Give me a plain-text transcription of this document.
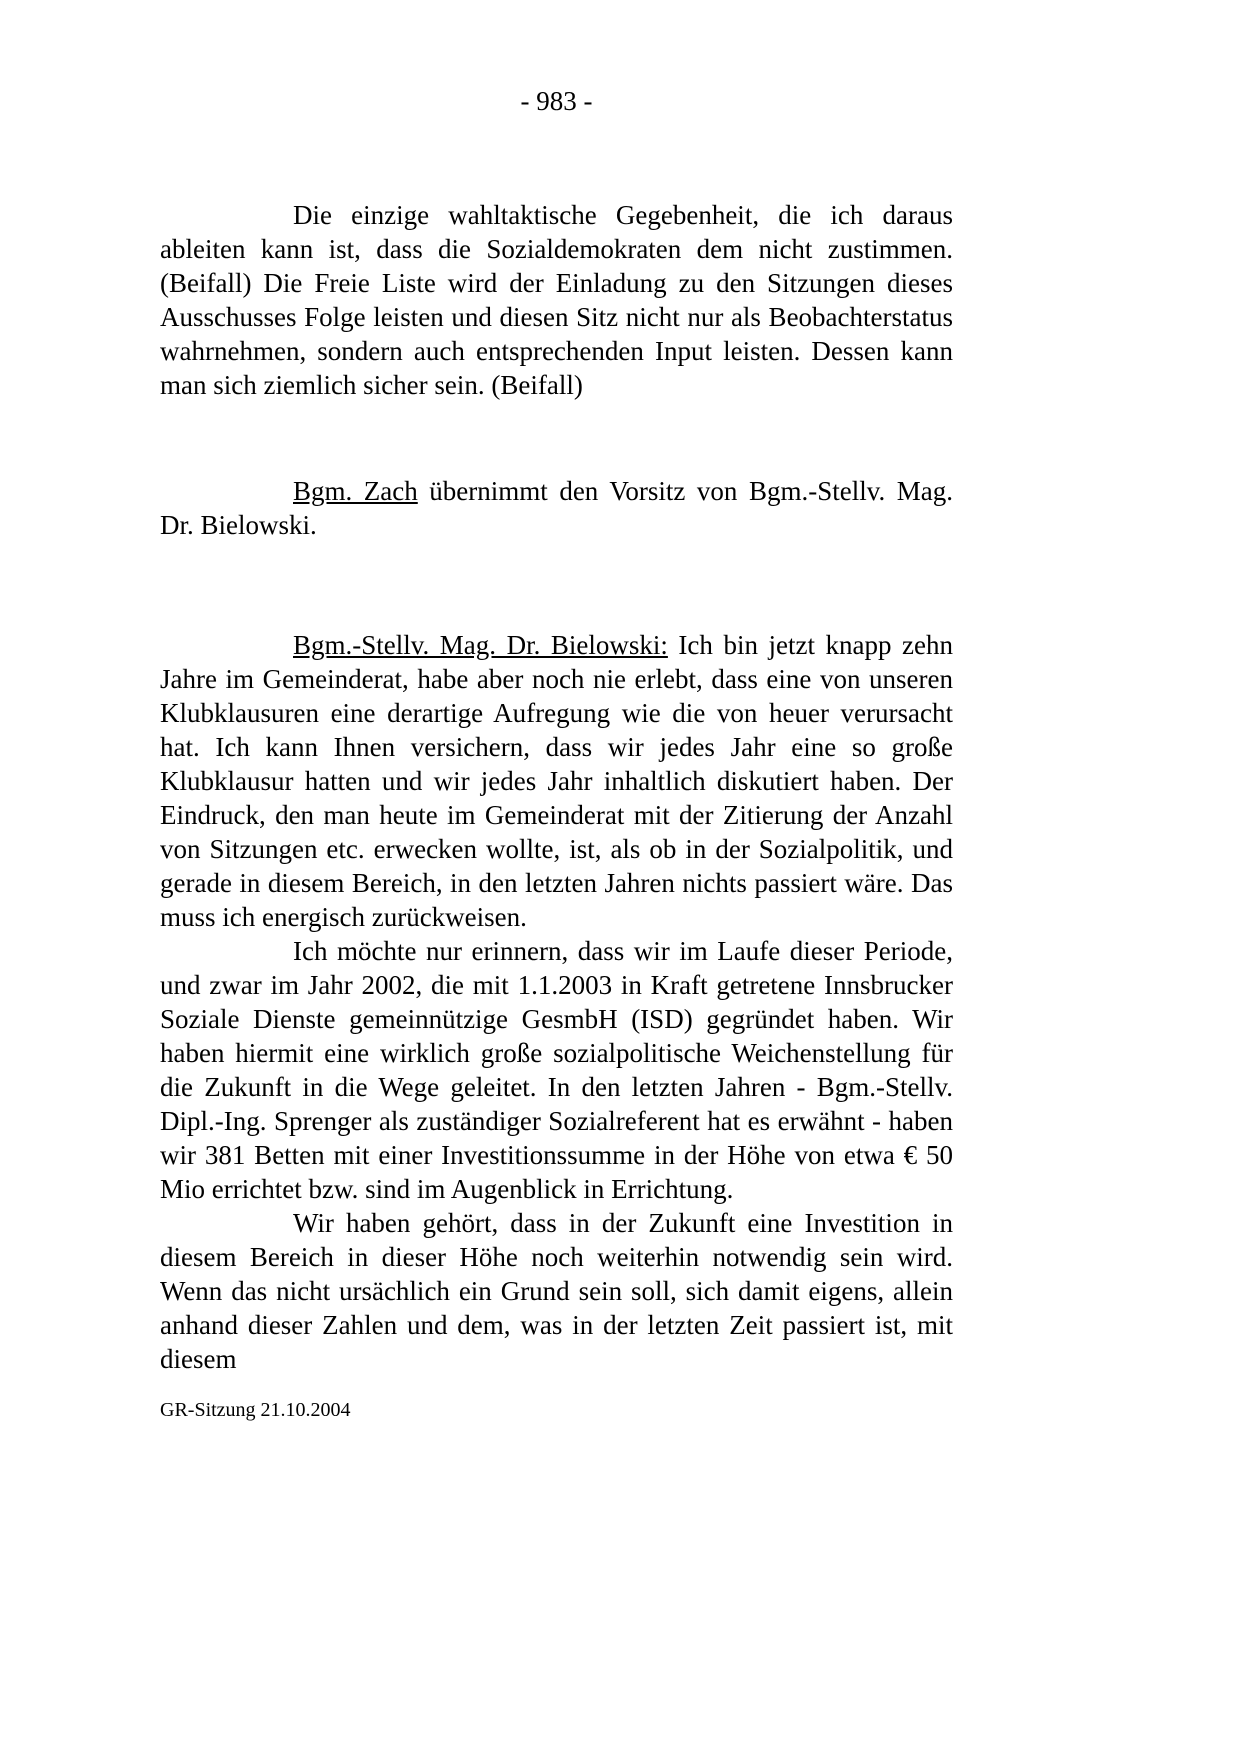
- 983 -

Die einzige wahltaktische Gegebenheit, die ich daraus ableiten kann ist, dass die Sozialdemokraten dem nicht zustimmen. (Beifall) Die Freie Liste wird der Einladung zu den Sitzungen dieses Ausschusses Folge leisten und diesen Sitz nicht nur als Beobachterstatus wahrnehmen, sondern auch entsprechenden Input leisten. Dessen kann man sich ziemlich sicher sein. (Beifall)

Bgm. Zach übernimmt den Vorsitz von Bgm.-Stellv. Mag. Dr. Bielowski.

Bgm.-Stellv. Mag. Dr. Bielowski: Ich bin jetzt knapp zehn Jahre im Gemeinderat, habe aber noch nie erlebt, dass eine von unseren Klubklausuren eine derartige Aufregung wie die von heuer verursacht hat. Ich kann Ihnen versichern, dass wir jedes Jahr eine so große Klubklausur hatten und wir jedes Jahr inhaltlich diskutiert haben. Der Eindruck, den man heute im Gemeinderat mit der Zitierung der Anzahl von Sitzungen etc. erwecken wollte, ist, als ob in der Sozialpolitik, und gerade in diesem Bereich, in den letzten Jahren nichts passiert wäre. Das muss ich energisch zurückweisen.

Ich möchte nur erinnern, dass wir im Laufe dieser Periode, und zwar im Jahr 2002, die mit 1.1.2003 in Kraft getretene Innsbrucker Soziale Dienste gemeinnützige GesmbH (ISD) gegründet haben. Wir haben hiermit eine wirklich große sozialpolitische Weichenstellung für die Zukunft in die Wege geleitet. In den letzten Jahren - Bgm.-Stellv. Dipl.-Ing. Sprenger als zuständiger Sozialreferent hat es erwähnt - haben wir 381 Betten mit einer Investitionssumme in der Höhe von etwa € 50 Mio errichtet bzw. sind im Augenblick in Errichtung.

Wir haben gehört, dass in der Zukunft eine Investition in diesem Bereich in dieser Höhe noch weiterhin notwendig sein wird. Wenn das nicht ursächlich ein Grund sein soll, sich damit eigens, allein anhand dieser Zahlen und dem, was in der letzten Zeit passiert ist, mit diesem

GR-Sitzung 21.10.2004
